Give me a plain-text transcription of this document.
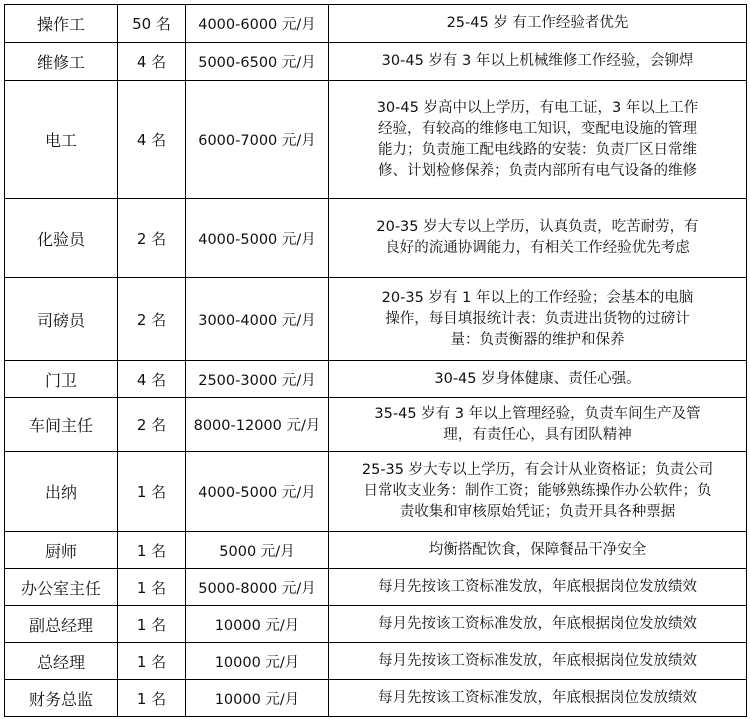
操作工	50 名	4000-6000 元/月	25-45 岁 有工作经验者优先

维修工	4 名	5000-6500 元/月	30-45 岁有 3 年以上机械维修工作经验，会铆焊

电工	4 名	6000-7000 元/月	30-45 岁高中以上学历，有电工证，3 年以上工作
经验，有较高的维修电工知识，变配电设施的管理
能力；负责施工配电线路的安装：负责厂区日常维
修、计划检修保养；负责内部所有电气设备的维修

化验员	2 名	4000-5000 元/月	20-35 岁大专以上学历，认真负责，吃苦耐劳，有
良好的流通协调能力，有相关工作经验优先考虑

司磅员	2 名	3000-4000 元/月	20-35 岁有 1 年以上的工作经验；会基本的电脑
操作，每目填报统计表：负责进出货物的过磅计
量：负责衡器的维护和保养

门卫	4 名	2500-3000 元/月	30-45 岁身体健康、责任心强。

车间主任	2 名	8000-12000 元/月	35-45 岁有 3 年以上管理经验，负责车间生产及管
理，有责任心，具有团队精神

出纳	1 名	4000-5000 元/月	25-35 岁大专以上学历，有会计从业资格证；负责公司
日常收支业务：制作工资；能够熟练操作办公软件；负
责收集和审核原始凭证；负责开具各种票据

厨师	1 名	5000 元/月	均衡搭配饮食，保障餐品干净安全

办公室主任	1 名	5000-8000 元/月	每月先按该工资标准发放，年底根据岗位发放绩效

副总经理	1 名	10000 元/月	每月先按该工资标准发放，年底根据岗位发放绩效

总经理	1 名	10000 元/月	每月先按该工资标准发放，年底根据岗位发放绩效

财务总监	1 名	10000 元/月	每月先按该工资标准发放，年底根据岗位发放绩效
